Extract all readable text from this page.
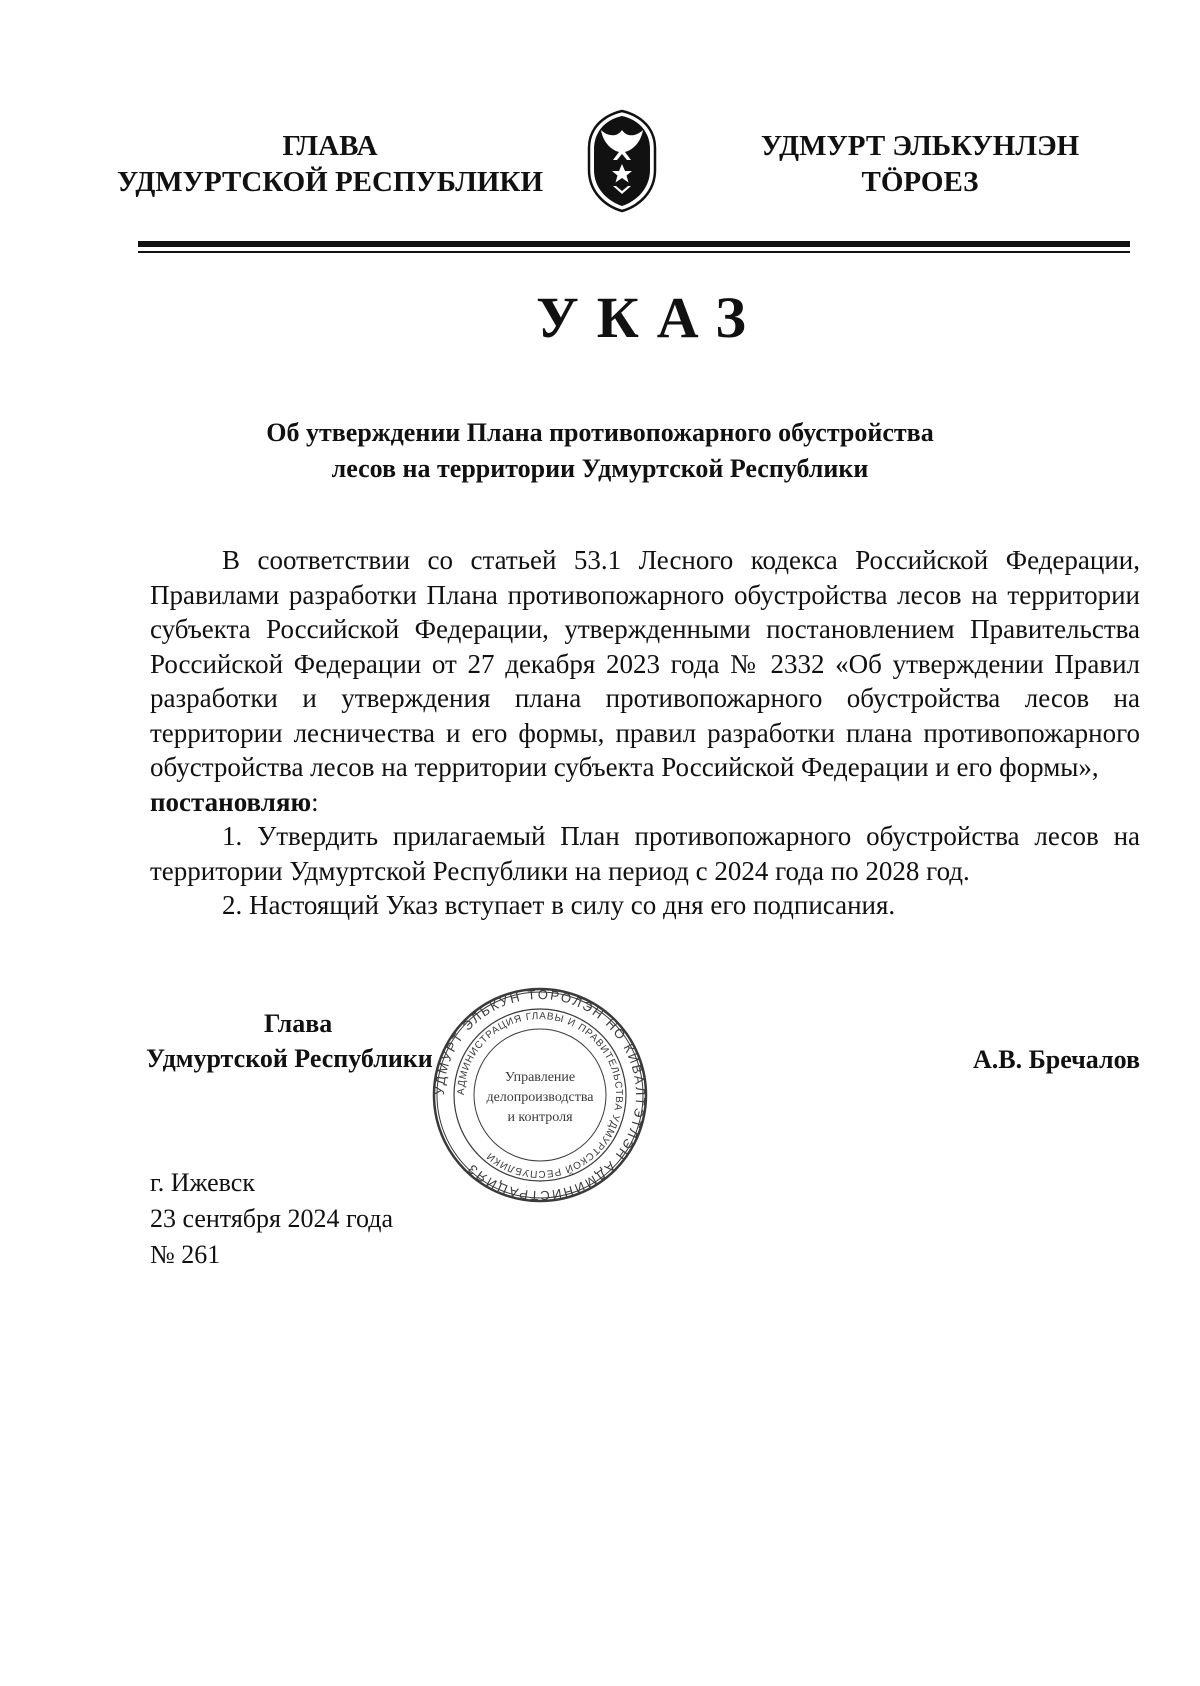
ГЛАВА
УДМУРТСКОЙ РЕСПУБЛИКИ
УДМУРТ ЭЛЬКУНЛЭН
ТӦРОЕЗ
УКАЗ
Об утверждении Плана противопожарного обустройства
лесов на территории Удмуртской Республики

В соответствии со статьей 53.1 Лесного кодекса Российской Федерации, Правилами разработки Плана противопожарного обустройства лесов на территории субъекта Российской Федерации, утвержденными постановлением Правительства Российской Федерации от 27 декабря 2023 года № 2332 «Об утверждении Правил разработки и утверждения плана противопожарного обустройства лесов на территории лесничества и его формы, правил разработки плана противопожарного обустройства лесов на территории субъекта Российской Федерации и его формы»,

постановляю:

1. Утвердить прилагаемый План противопожарного обустройства лесов на территории Удмуртской Республики на период с 2024 года по 2028 год.

2. Настоящий Указ вступает в силу со дня его подписания.

Глава
Удмуртской Республики
УДМУРТ ЭЛЬКУН ТӦРОЛЭН НО КИВАЛТЭТЛЭН АДМИНИСТРАЦИЯЗ
АДМИНИСТРАЦИЯ ГЛАВЫ И ПРАВИТЕЛЬСТВА УДМУРТСКОЙ РЕСПУБЛИКИ
Управление
делопроизводства
и контроля
А.В. Бречалов
г. Ижевск
23 сентября 2024 года
№ 261
